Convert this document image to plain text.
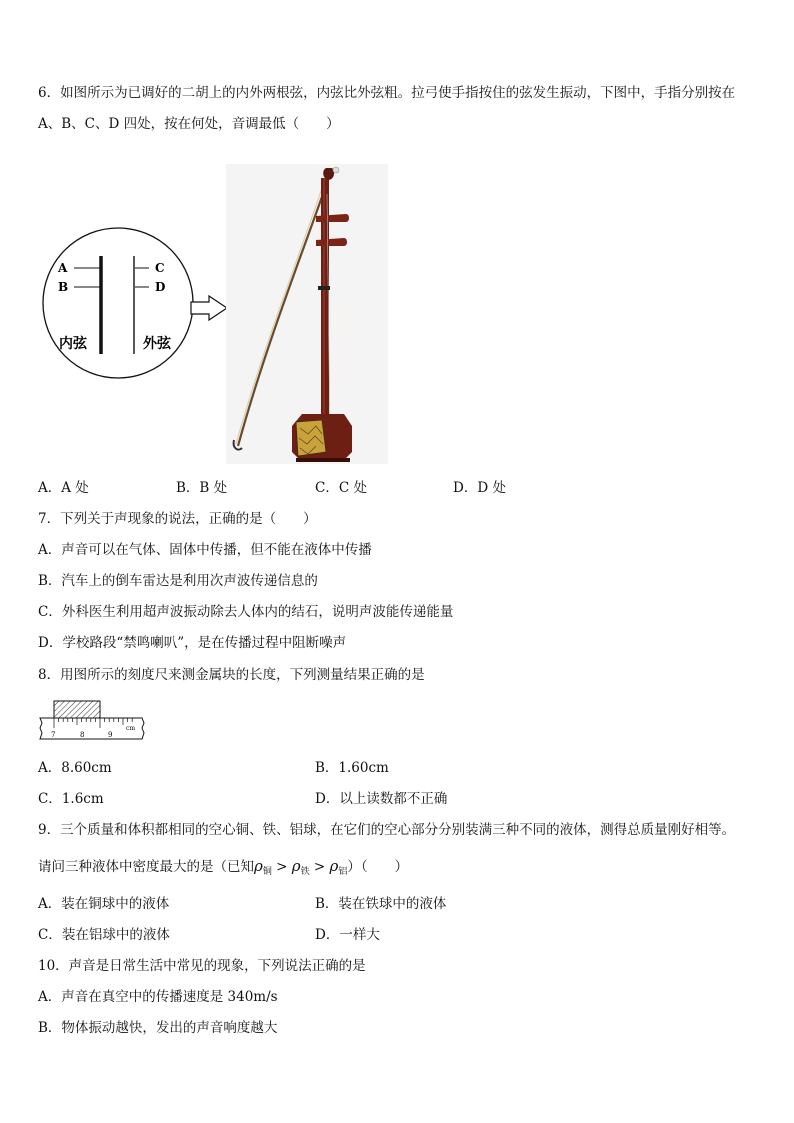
6．如图所示为已调好的二胡上的内外两根弦，内弦比外弦粗。拉弓使手指按住的弦发生振动，下图中，手指分别按在
A、B、C、D 四处，按在何处，音调最低（　　）
A
B
C
D
内弦	外弦
A．A 处	B．B 处	C．C 处	D．D 处
7．下列关于声现象的说法，正确的是（　　）
A．声音可以在气体、固体中传播，但不能在液体中传播
B．汽车上的倒车雷达是利用次声波传递信息的
C．外科医生利用超声波振动除去人体内的结石，说明声波能传递能量
D．学校路段“禁鸣喇叭”，是在传播过程中阻断噪声
8．用图所示的刻度尺来测金属块的长度，下列测量结果正确的是
7	8	9
cm
A．8.60cm	B．1.60cm
C．1.6cm	D．以上读数都不正确
9．三个质量和体积都相同的空心铜、铁、铝球，在它们的空心部分分别装满三种不同的液体，测得总质量刚好相等。
请问三种液体中密度最大的是（已知$\rho_铜 > \rho_铁 > \rho_铝$）（　　）
A．装在铜球中的液体	B．装在铁球中的液体
C．装在铝球中的液体	D．一样大
10．声音是日常生活中常见的现象，下列说法正确的是
A．声音在真空中的传播速度是 340m/s
B．物体振动越快，发出的声音响度越大
